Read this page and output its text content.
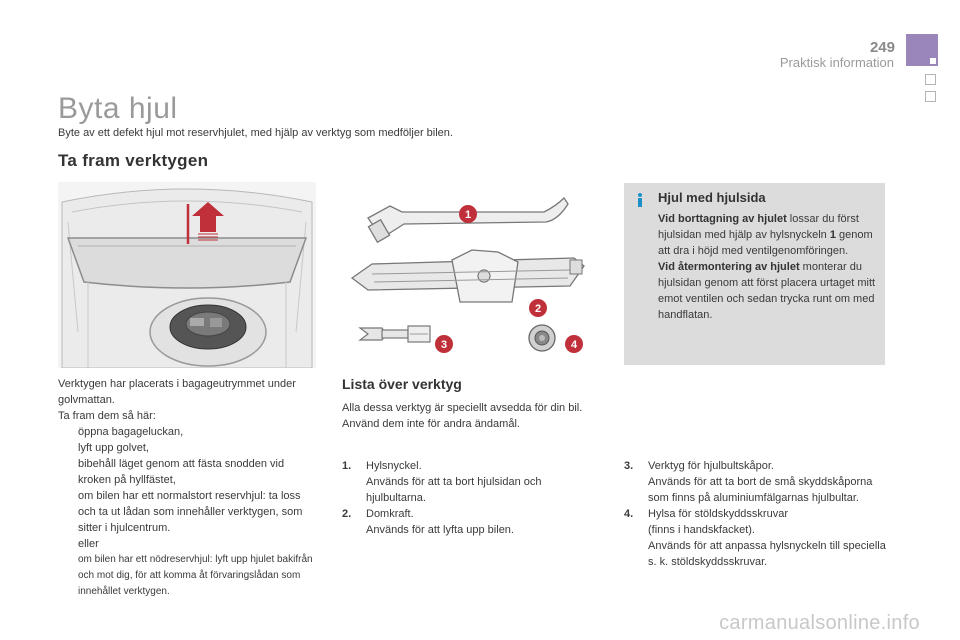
249
Praktisk information
Byta hjul
Byte av ett defekt hjul mot reservhjulet, med hjälp av verktyg som medföljer bilen.
Ta fram verktygen
1
2
3	4
Verktygen har placerats i bagageutrymmet under golvmattan.
Ta fram dem så här:
öppna bagageluckan,
lyft upp golvet,
bibehåll läget genom att fästa snodden vid kroken på hyllfästet,
om bilen har ett normalstort reservhjul: ta loss och ta ut lådan som innehåller verktygen, som sitter i hjulcentrum.
eller
om bilen har ett nödreservhjul: lyft upp hjulet bakifrån och mot dig, för att komma åt förvaringslådan som innehållet verktygen.
Hjul med hjulsida
Vid borttagning av hjulet lossar du först hjulsidan med hjälp av hylsnyckeln 1 genom att dra i höjd med ventilgenomföringen.
Vid återmontering av hjulet monterar du hjulsidan genom att först placera urtaget mitt emot ventilen och sedan trycka runt om med handflatan.
Lista över verktyg
Alla dessa verktyg är speciellt avsedda för din bil. Använd dem inte för andra ändamål.
1.	Hylsnyckel.
Används för att ta bort hjulsidan och hjulbultarna.
2.	Domkraft.
Används för att lyfta upp bilen.
3.	Verktyg för hjulbultskåpor.
Används för att ta bort de små skyddskåporna som finns på aluminiumfälgarnas hjulbultar.
4.	Hylsa för stöldskyddsskruvar
(finns i handskfacket).
Används för att anpassa hylsnyckeln till speciella s. k. stöldskyddsskruvar.
carmanualsonline.info
